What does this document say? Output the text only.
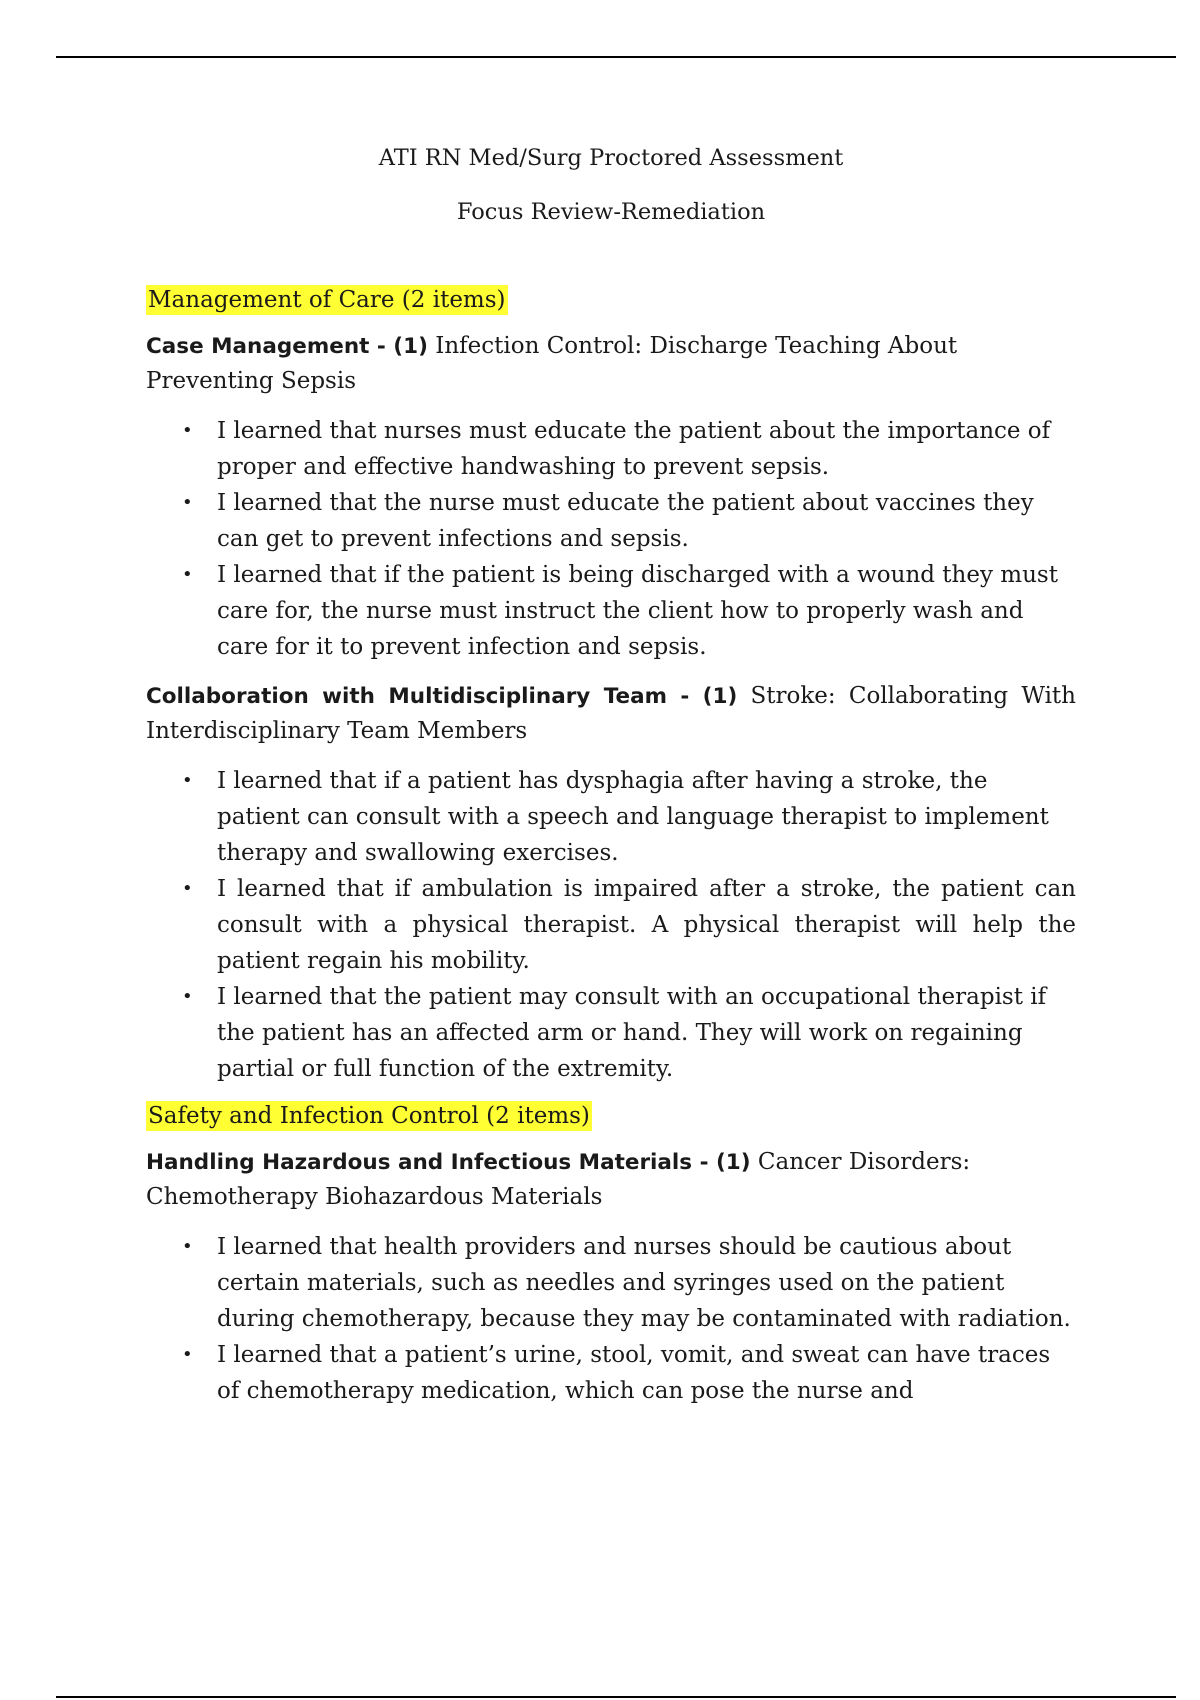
ATI RN Med/Surg Proctored Assessment

Focus Review-Remediation

Management of Care (2 items)

Case Management - (1) Infection Control: Discharge Teaching About Preventing Sepsis

• I learned that nurses must educate the patient about the importance of proper and effective handwashing to prevent sepsis.
• I learned that the nurse must educate the patient about vaccines they can get to prevent infections and sepsis.
• I learned that if the patient is being discharged with a wound they must care for, the nurse must instruct the client how to properly wash and care for it to prevent infection and sepsis.

Collaboration with Multidisciplinary Team - (1) Stroke: Collaborating With Interdisciplinary Team Members

• I learned that if a patient has dysphagia after having a stroke, the patient can consult with a speech and language therapist to implement therapy and swallowing exercises.
• I learned that if ambulation is impaired after a stroke, the patient can consult with a physical therapist. A physical therapist will help the patient regain his mobility.
• I learned that the patient may consult with an occupational therapist if the patient has an affected arm or hand. They will work on regaining partial or full function of the extremity.
Safety and Infection Control (2 items)

Handling Hazardous and Infectious Materials - (1) Cancer Disorders: Chemotherapy Biohazardous Materials

• I learned that health providers and nurses should be cautious about certain materials, such as needles and syringes used on the patient during chemotherapy, because they may be contaminated with radiation.
• I learned that a patient’s urine, stool, vomit, and sweat can have traces of chemotherapy medication, which can pose the nurse and
